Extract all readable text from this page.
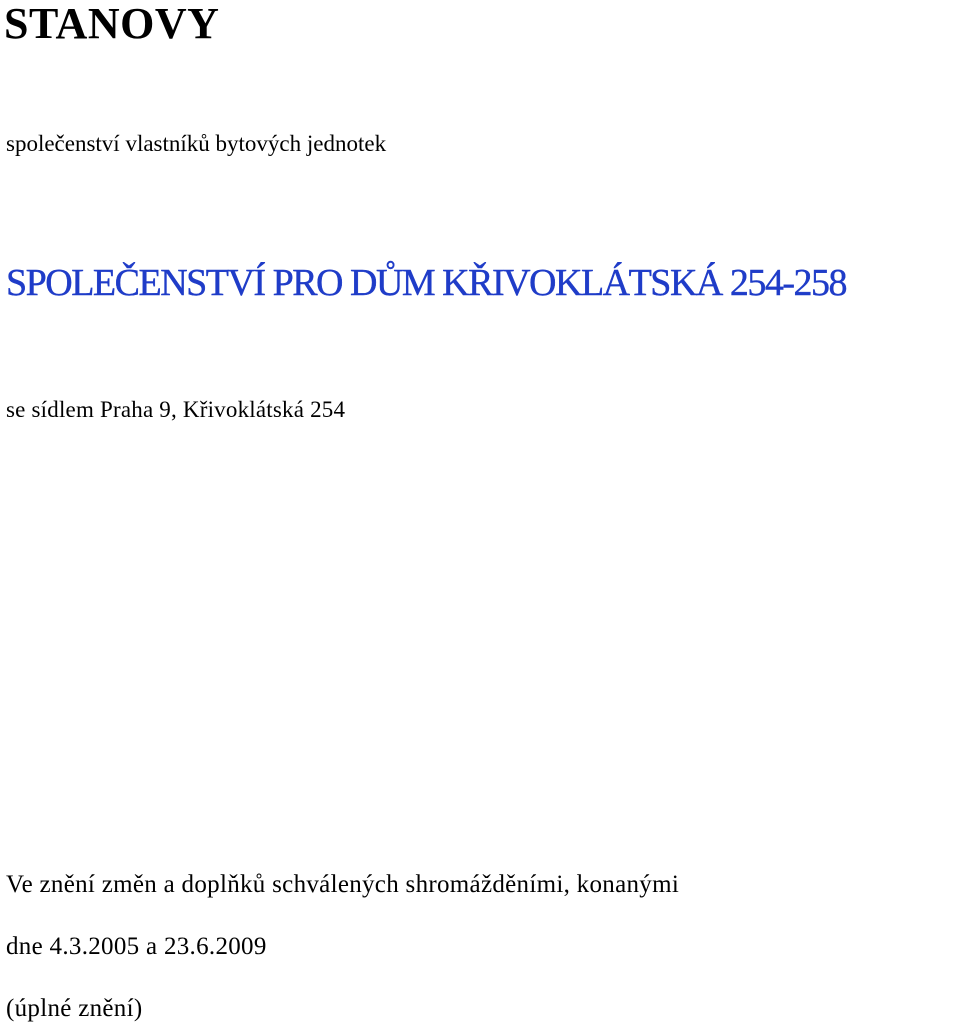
STANOVY

společenství vlastníků bytových jednotek

SPOLEČENSTVÍ PRO DŮM KŘIVOKLÁTSKÁ 254-258

se sídlem Praha 9, Křivoklátská 254

Ve znění změn a doplňků schválených shromážděními, konanými

dne 4.3.2005 a 23.6.2009

(úplné znění)
